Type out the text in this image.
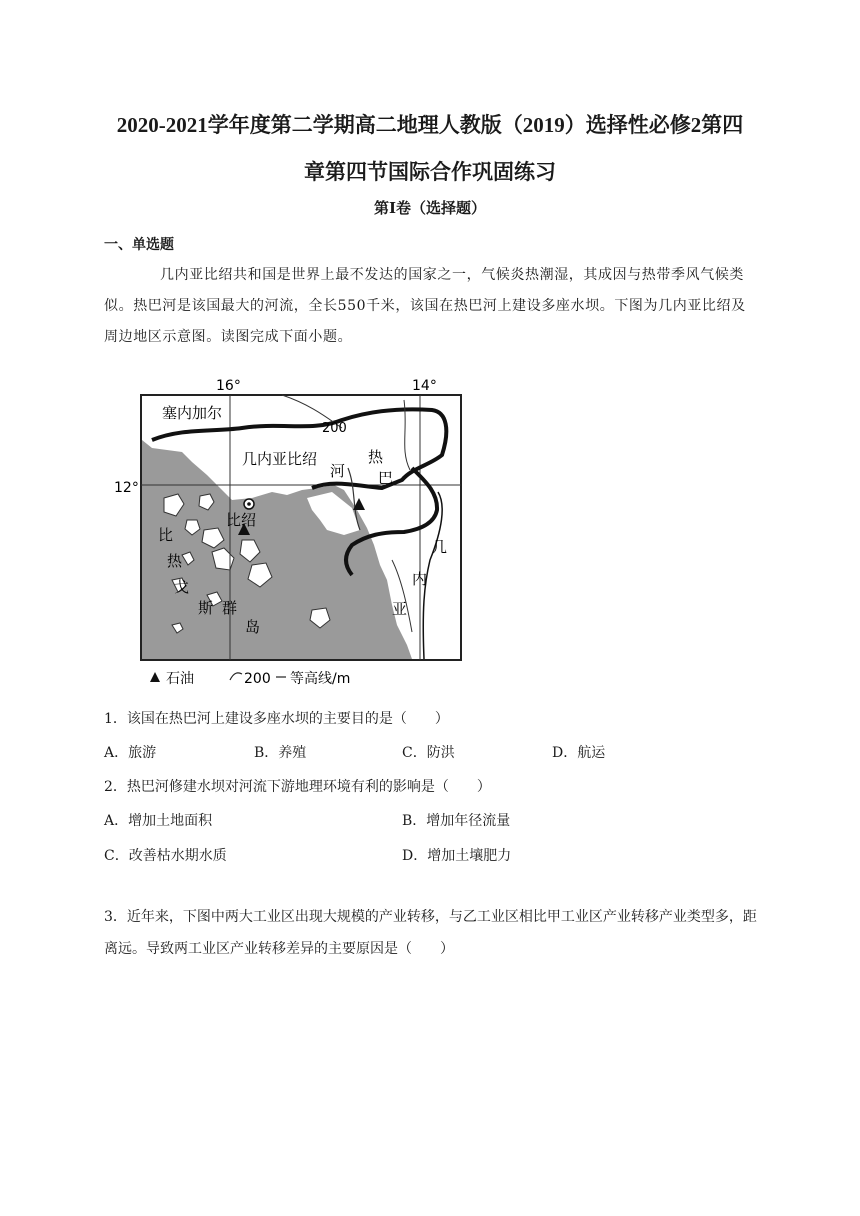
2020-2021学年度第二学期高二地理人教版（2019）选择性必修2第四
章第四节国际合作巩固练习
第I卷（选择题）
一、单选题
几内亚比绍共和国是世界上最不发达的国家之一，气候炎热潮湿，其成因与热带季风气候类似。热巴河是该国最大的河流，全长550千米，该国在热巴河上建设多座水坝。下图为几内亚比绍及周边地区示意图。读图完成下面小题。
16°	14°
12°
塞内加尔
几内亚比绍
200
热
巴
河
比绍
比
热
戈
斯 群
岛
几
内
亚
石油	200 等高线/m
1．该国在热巴河上建设多座水坝的主要目的是（　　）
A．旅游	B．养殖	C．防洪	D．航运
2．热巴河修建水坝对河流下游地理环境有利的影响是（　　）
A．增加土地面积	B．增加年径流量
C．改善枯水期水质	D．增加土壤肥力
3．近年来，下图中两大工业区出现大规模的产业转移，与乙工业区相比甲工业区产业转移产业类型多，距离远。导致两工业区产业转移差异的主要原因是（　　）
